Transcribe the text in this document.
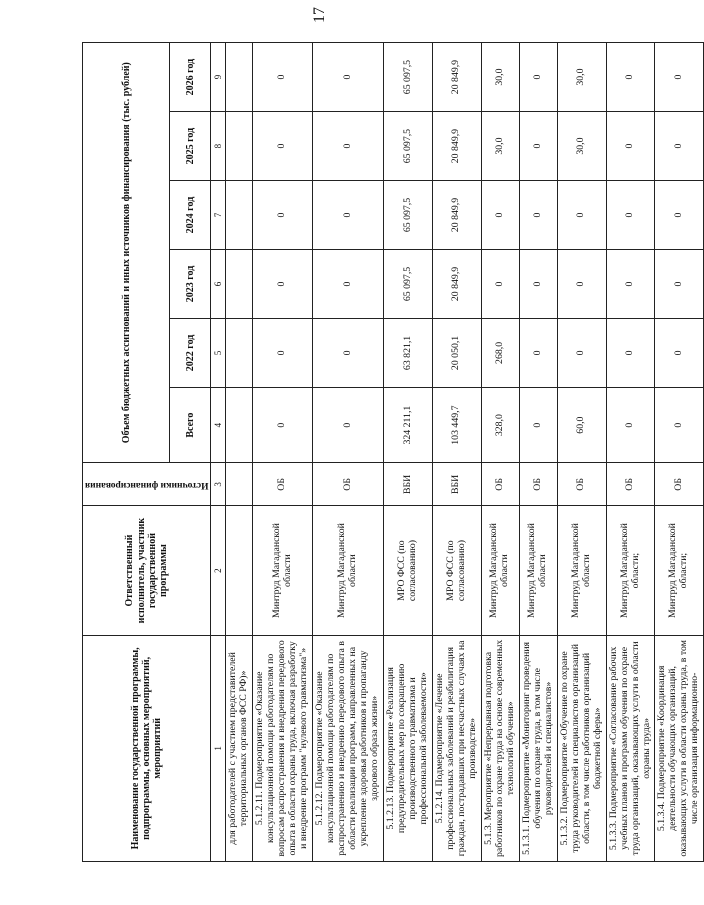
17
Наименование государственной программы, подпрограммы, основных мероприятий, мероприятий	Ответственный исполнитель, участник государственной программы	Источники финансирования	Объем бюджетных ассигнований и иных источников финансирования (тыс. рублей)					
			Всего	2022 год	2023 год	2024 год	2025 год	2026 год
1	2	3	4	5	6	7	8	9
для работодателей с участием представителей территориальных органов ФСС РФ)»								
5.1.2.11. Подмероприятие «Оказание консультационной помощи работодателям по вопросам распространения и внедрения передового опыта в области охраны труда, включая разработку и внедрение программ "нулевого травматизма"»	Минтруд Магаданской области	ОБ	0	0	0	0	0	0
5.1.2.12. Подмероприятие «Оказание консультационной помощи работодателям по распространению и внедрению передового опыта в области реализации программ, направленных на укрепление здоровья работников и пропаганду здорового образа жизни»	Минтруд Магаданской области	ОБ	0	0	0	0	0	0
5.1.2.13. Подмероприятие «Реализация предупредительных мер по сокращению производственного травматизма и профессиональной заболеваемости»	МРО ФСС (по согласованию)	ВБИ	324 211,1	63 821,1	65 097,5	65 097,5	65 097,5	65 097,5
5.1.2.14. Подмероприятие «Лечение профессиональных заболеваний и реабилитация граждан, пострадавших при несчастных случаях на производстве»	МРО ФСС (по согласованию)	ВБИ	103 449,7	20 050,1	20 849,9	20 849,9	20 849,9	20 849,9
5.1.3. Мероприятие «Непрерывная подготовка работников по охране труда на основе современных технологий обучения»	Минтруд Магаданской области	ОБ	328,0	268,0	0	0	30,0	30,0
5.1.3.1. Подмероприятие «Мониторинг проведения обучения по охране труда, в том числе руководителей и специалистов»	Минтруд Магаданской области	ОБ	0	0	0	0	0	0
5.1.3.2. Подмероприятие «Обучение по охране труда руководителей и специалистов организаций области, в том числе работников организаций бюджетной сферы»	Минтруд Магаданской области	ОБ	60,0	0	0	0	30,0	30,0
5.1.3.3. Подмероприятие «Согласование рабочих учебных планов и программ обучения по охране труда организаций, оказывающих услуги в области охраны труда»	Минтруд Магаданской области;	ОБ	0	0	0	0	0	0
5.1.3.4. Подмероприятие «Координация деятельности обучающих организаций, оказывающих услуги в области охраны труда, в том числе организация информационно-	Минтруд Магаданской области;	ОБ	0	0	0	0	0	0
